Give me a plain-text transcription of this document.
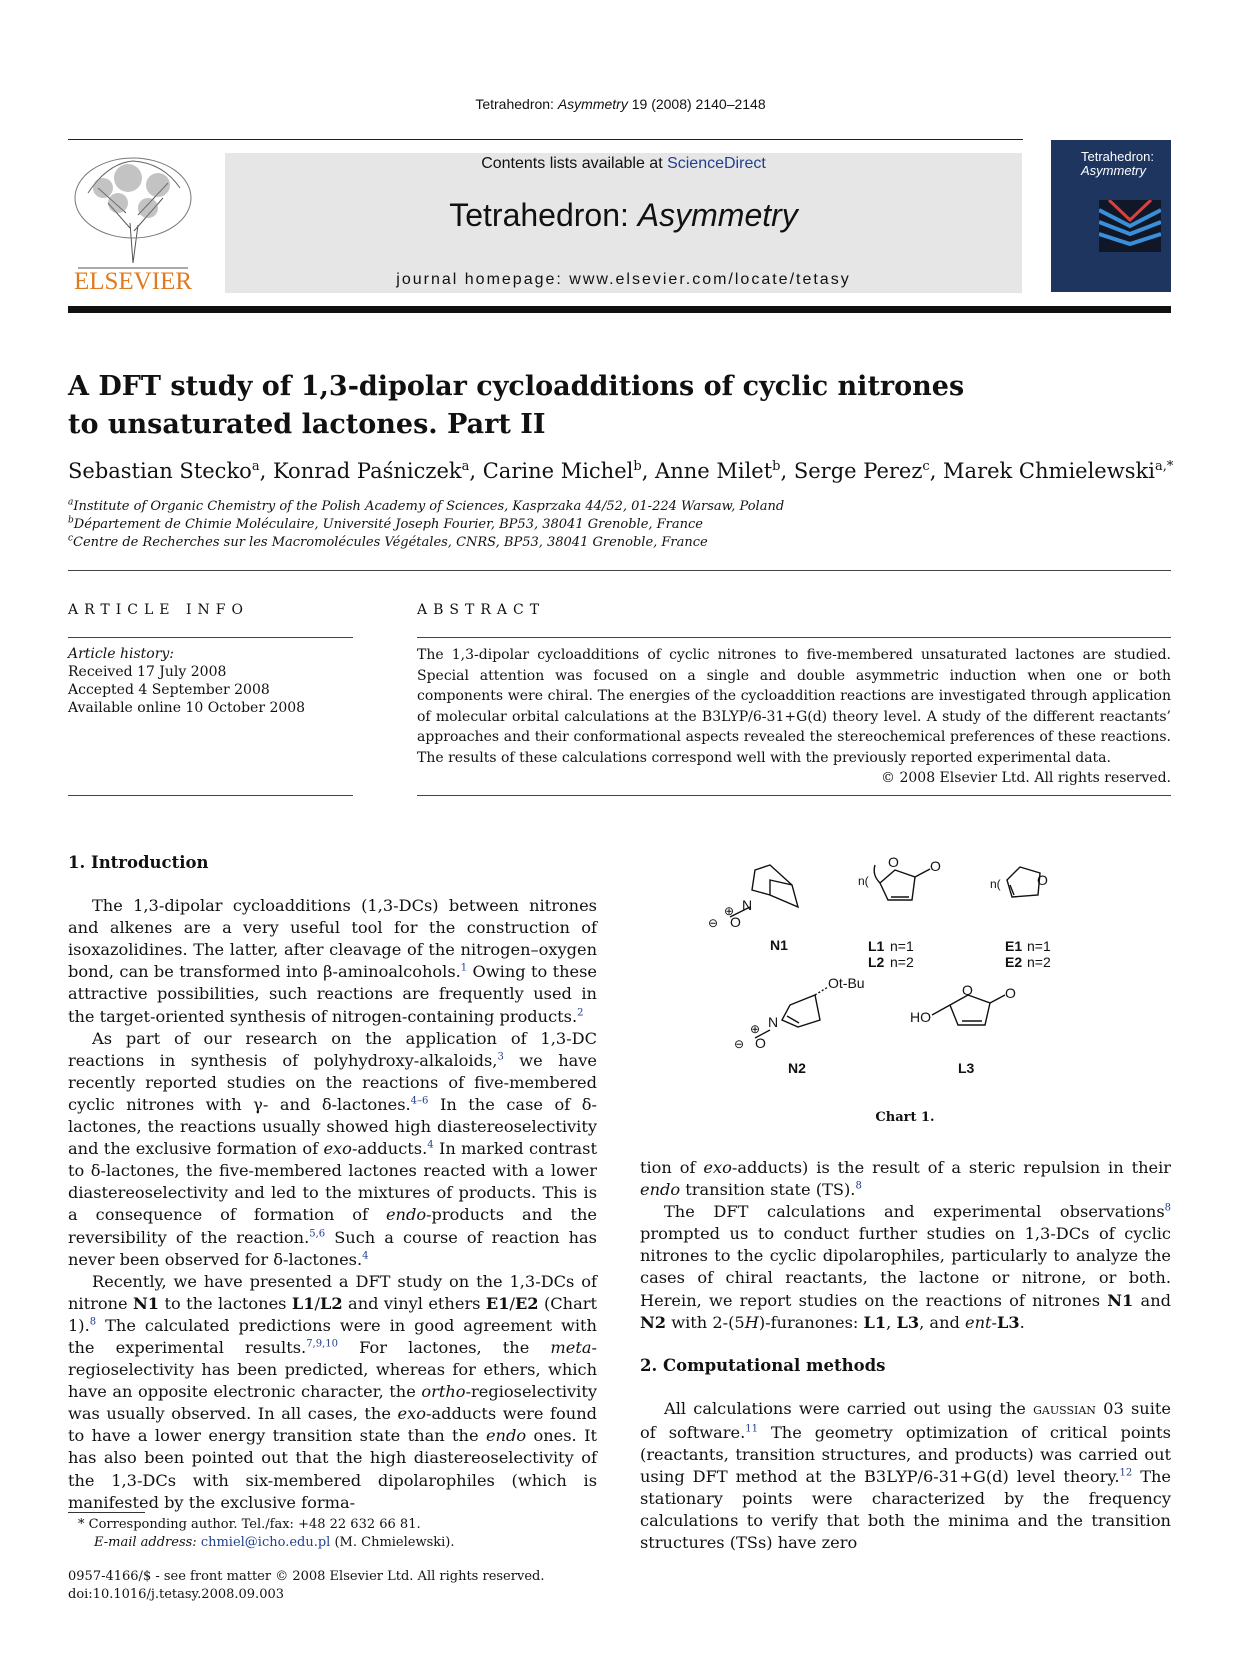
Tetrahedron: Asymmetry 19 (2008) 2140–2148
ELSEVIER
Contents lists available at ScienceDirect
Tetrahedron: Asymmetry
journal homepage: www.elsevier.com/locate/tetasy
Tetrahedron:
Asymmetry
A DFT study of 1,3-dipolar cycloadditions of cyclic nitrones
to unsaturated lactones. Part II
Sebastian Stecko$^a$, Konrad Paśniczek$^a$, Carine Michel$^b$, Anne Milet$^b$, Serge Perez$^c$, Marek Chmielewski$^{a,*}$
$^a$Institute of Organic Chemistry of the Polish Academy of Sciences, Kasprzaka 44/52, 01-224 Warsaw, Poland
$^b$Département de Chimie Moléculaire, Université Joseph Fourier, BP53, 38041 Grenoble, France
$^c$Centre de Recherches sur les Macromolécules Végétales, CNRS, BP53, 38041 Grenoble, France
ARTICLE INFO	ABSTRACT
Article history:
Received 17 July 2008
Accepted 4 September 2008
Available online 10 October 2008
The 1,3-dipolar cycloadditions of cyclic nitrones to five-membered unsaturated lactones are studied. Special attention was focused on a single and double asymmetric induction when one or both components were chiral. The energies of the cycloaddition reactions are investigated through application of molecular orbital calculations at the B3LYP/6-31+G(d) theory level. A study of the different reactants’ approaches and their conformational aspects revealed the stereochemical preferences of these reactions. The results of these calculations correspond well with the previously reported experimental data.
© 2008 Elsevier Ltd. All rights reserved.

1. Introduction

The 1,3-dipolar cycloadditions (1,3-DCs) between nitrones and alkenes are a very useful tool for the construction of isoxazolidines. The latter, after cleavage of the nitrogen–oxygen bond, can be transformed into β-aminoalcohols.$^1$ Owing to these attractive possibilities, such reactions are frequently used in the target-oriented synthesis of nitrogen-containing products.$^2$

As part of our research on the application of 1,3-DC reactions in synthesis of polyhydroxy-alkaloids,$^3$ we have recently reported studies on the reactions of five-membered cyclic nitrones with γ- and δ-lactones.$^{4-6}$ In the case of δ-lactones, the reactions usually showed high diastereoselectivity and the exclusive formation of exo-adducts.$^4$ In marked contrast to δ-lactones, the five-membered lactones reacted with a lower diastereoselectivity and led to the mixtures of products. This is a consequence of formation of endo-products and the reversibility of the reaction.$^{5,6}$ Such a course of reaction has never been observed for δ-lactones.$^4$

Recently, we have presented a DFT study on the 1,3-DCs of nitrone N1 to the lactones L1/L2 and vinyl ethers E1/E2 (Chart 1).$^8$ The calculated predictions were in good agreement with the experimental results.$^{7,9,10}$ For lactones, the meta-regioselectivity has been predicted, whereas for ethers, which have an opposite electronic character, the ortho-regioselectivity was usually observed. In all cases, the exo-adducts were found to have a lower energy transition state than the endo ones. It has also been pointed out that the high diastereoselectivity of the 1,3-DCs with six-membered dipolarophiles (which is manifested by the exclusive forma-

N
⊕
O
⊖
N1
O O
n(
L1 n=1
L2 n=2
O
n(
E1 n=1
E2 n=2
Ot-Bu
N
⊕
O
⊖
N2
O O
HO
L3
Chart 1.

tion of exo-adducts) is the result of a steric repulsion in their endo transition state (TS).$^8$

The DFT calculations and experimental observations$^8$ prompted us to conduct further studies on 1,3-DCs of cyclic nitrones to the cyclic dipolarophiles, particularly to analyze the cases of chiral reactants, the lactone or nitrone, or both. Herein, we report studies on the reactions of nitrones N1 and N2 with 2-(5H)-furanones: L1, L3, and ent-L3.

2. Computational methods

All calculations were carried out using the GAUSSIAN 03 suite of software.$^{11}$ The geometry optimization of critical points (reactants, transition structures, and products) was carried out using DFT method at the B3LYP/6-31+G(d) level theory.$^{12}$ The stationary points were characterized by the frequency calculations to verify that both the minima and the transition structures (TSs) have zero

* Corresponding author. Tel./fax: +48 22 632 66 81.
E-mail address: chmiel@icho.edu.pl (M. Chmielewski).
0957-4166/$ - see front matter © 2008 Elsevier Ltd. All rights reserved.
doi:10.1016/j.tetasy.2008.09.003
